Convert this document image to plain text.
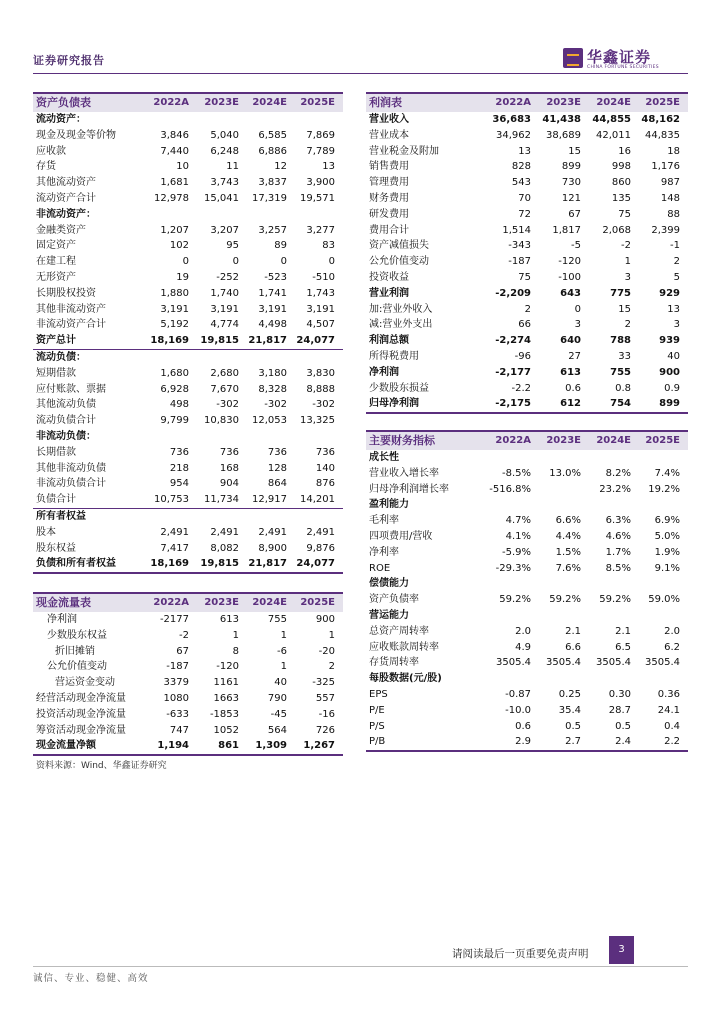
证券研究报告	华鑫证券
CHINA FORTUNE SECURITIES
资产负债表	2022A	2023E	2024E	2025E
流动资产：				
现金及现金等价物	3,846	5,040	6,585	7,869
应收款	7,440	6,248	6,886	7,789
存货	10	11	12	13
其他流动资产	1,681	3,743	3,837	3,900
流动资产合计	12,978	15,041	17,319	19,571
非流动资产：				
金融类资产	1,207	3,207	3,257	3,277
固定资产	102	95	89	83
在建工程	0	0	0	0
无形资产	19	-252	-523	-510
长期股权投资	1,880	1,740	1,741	1,743
其他非流动资产	3,191	3,191	3,191	3,191
非流动资产合计	5,192	4,774	4,498	4,507
资产总计	18,169	19,815	21,817	24,077
流动负债：				
短期借款	1,680	2,680	3,180	3,830
应付账款、票据	6,928	7,670	8,328	8,888
其他流动负债	498	-302	-302	-302
流动负债合计	9,799	10,830	12,053	13,325
非流动负债：				
长期借款	736	736	736	736
其他非流动负债	218	168	128	140
非流动负债合计	954	904	864	876
负债合计	10,753	11,734	12,917	14,201
所有者权益				
股本	2,491	2,491	2,491	2,491
股东权益	7,417	8,082	8,900	9,876
负债和所有者权益	18,169	19,815	21,817	24,077
利润表	2022A	2023E	2024E	2025E
营业收入	36,683	41,438	44,855	48,162
营业成本	34,962	38,689	42,011	44,835
营业税金及附加	13	15	16	18
销售费用	828	899	998	1,176
管理费用	543	730	860	987
财务费用	70	121	135	148
研发费用	72	67	75	88
费用合计	1,514	1,817	2,068	2,399
资产减值损失	-343	-5	-2	-1
公允价值变动	-187	-120	1	2
投资收益	75	-100	3	5
营业利润	-2,209	643	775	929
加:营业外收入	2	0	15	13
减:营业外支出	66	3	2	3
利润总额	-2,274	640	788	939
所得税费用	-96	27	33	40
净利润	-2,177	613	755	900
少数股东损益	-2.2	0.6	0.8	0.9
归母净利润	-2,175	612	754	899
现金流量表	2022A	2023E	2024E	2025E
净利润	-2177	613	755	900
少数股东权益	-2	1	1	1
折旧摊销	67	8	-6	-20
公允价值变动	-187	-120	1	2
营运资金变动	3379	1161	40	-325
经营活动现金净流量	1080	1663	790	557
投资活动现金净流量	-633	-1853	-45	-16
筹资活动现金净流量	747	1052	564	726
现金流量净额	1,194	861	1,309	1,267
主要财务指标	2022A	2023E	2024E	2025E
成长性				
营业收入增长率	-8.5%	13.0%	8.2%	7.4%
归母净利润增长率	-516.8%		23.2%	19.2%
盈利能力				
毛利率	4.7%	6.6%	6.3%	6.9%
四项费用/营收	4.1%	4.4%	4.6%	5.0%
净利率	-5.9%	1.5%	1.7%	1.9%
ROE	-29.3%	7.6%	8.5%	9.1%
偿债能力				
资产负债率	59.2%	59.2%	59.2%	59.0%
营运能力				
总资产周转率	2.0	2.1	2.1	2.0
应收账款周转率	4.9	6.6	6.5	6.2
存货周转率	3505.4	3505.4	3505.4	3505.4
每股数据(元/股)				
EPS	-0.87	0.25	0.30	0.36
P/E	-10.0	35.4	28.7	24.1
P/S	0.6	0.5	0.5	0.4
P/B	2.9	2.7	2.4	2.2
资料来源：Wind、华鑫证券研究
请阅读最后一页重要免责声明	3
诚信、专业、稳健、高效
